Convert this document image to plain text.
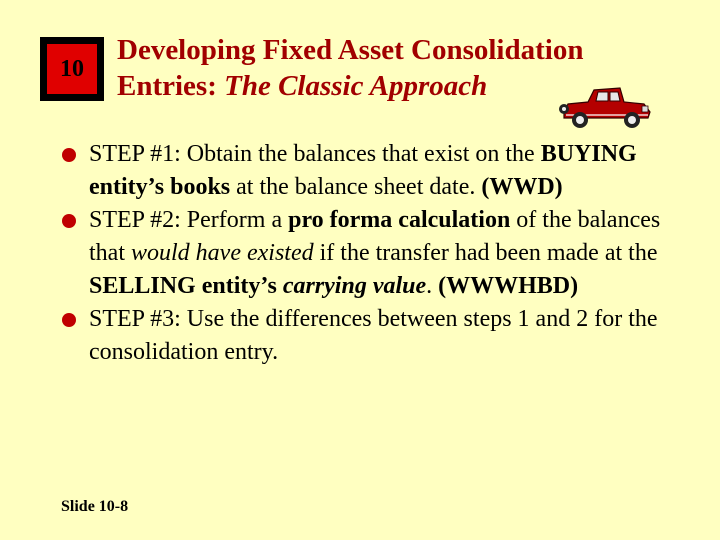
10
Developing Fixed Asset Consolidation
Entries: The Classic Approach

STEP #1: Obtain the balances that exist on the BUYING entity’s books at the balance sheet date. (WWD)

STEP #2: Perform a pro forma calculation of the balances that would have existed if the transfer had been made at the SELLING entity’s carrying value. (WWWHBD)

STEP #3: Use the differences between steps 1 and 2 for the consolidation entry.

Slide 10-8
